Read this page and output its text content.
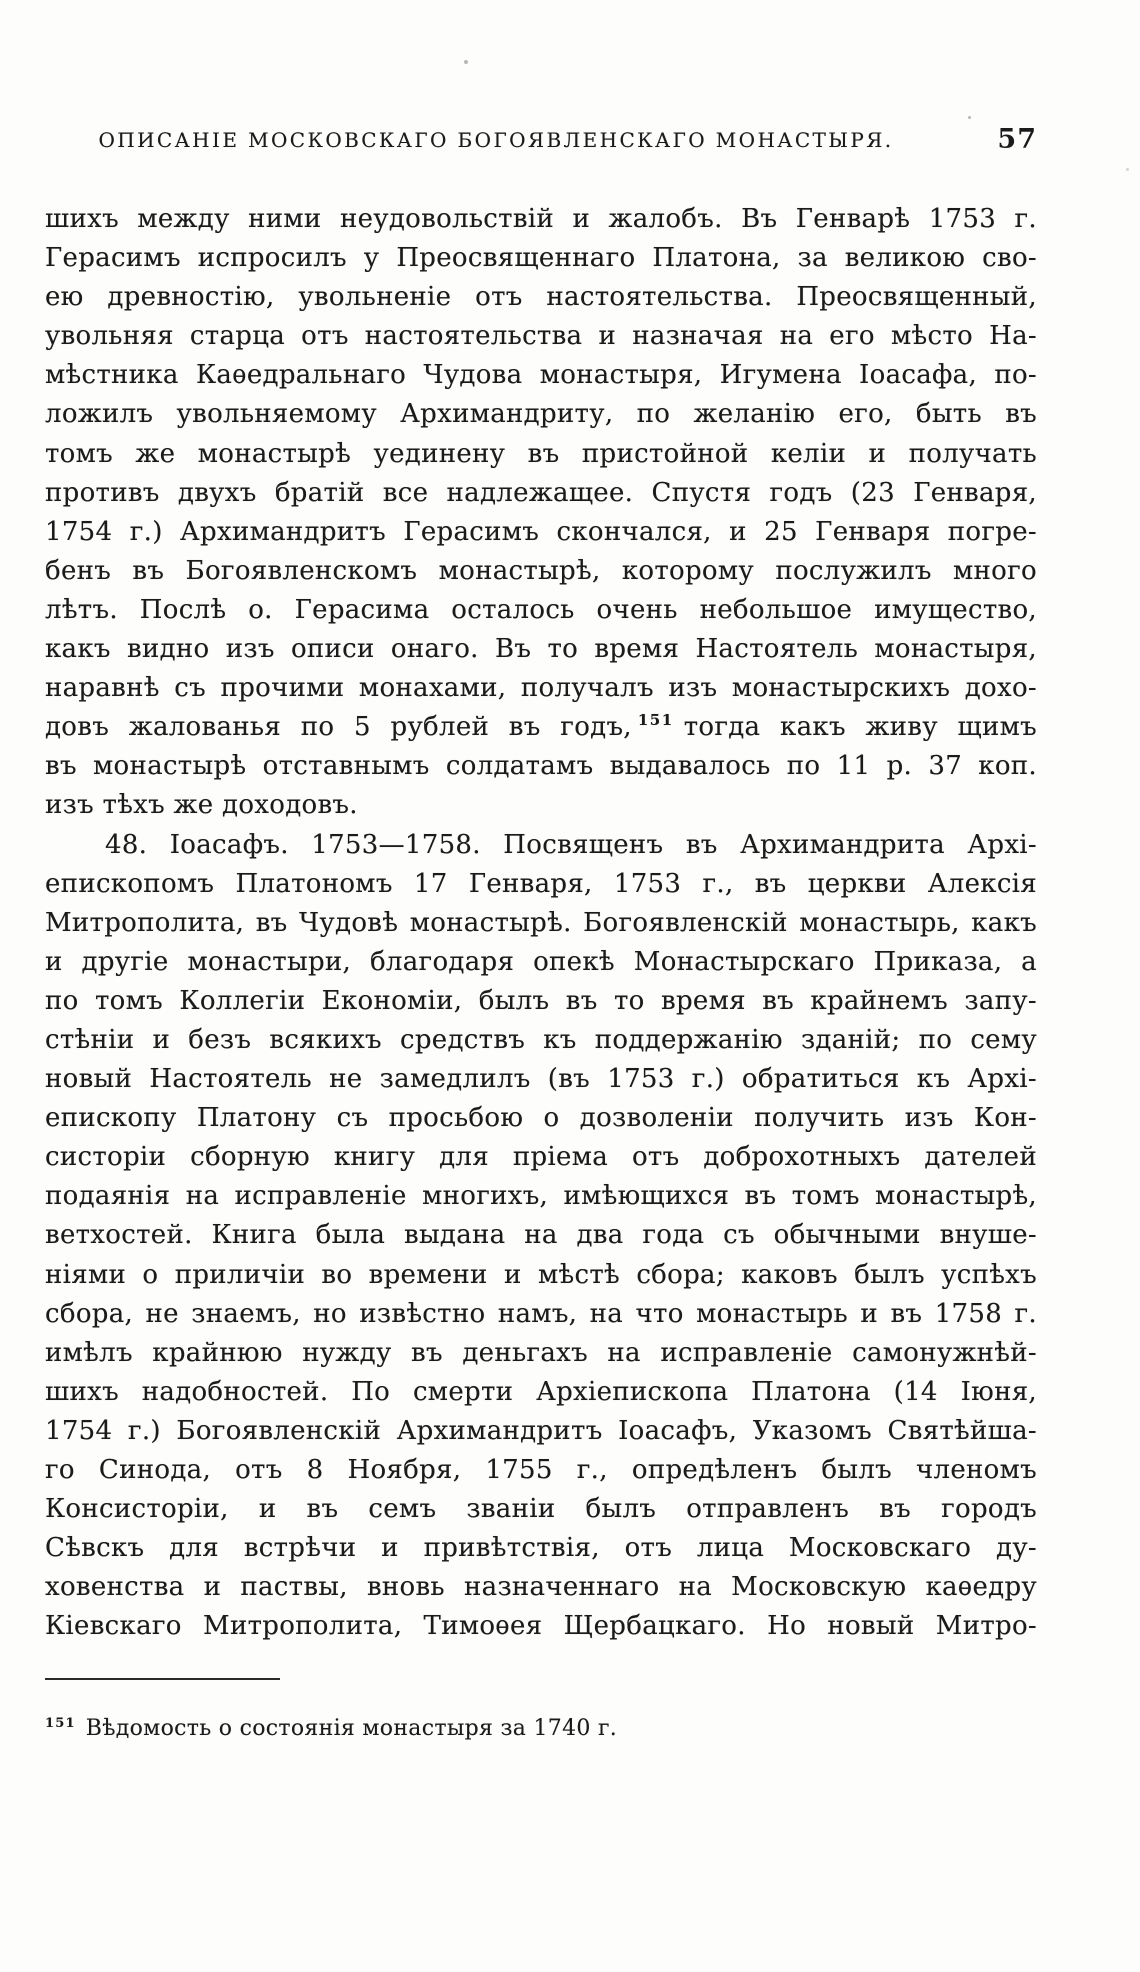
ОПИСАНІЕ МОСКОВСКАГО БОГОЯВЛЕНСКАГО МОНАСТЫРЯ.	57
шихъ между ними неудовольствій и жалобъ. Въ Генварѣ 1753 г.
Герасимъ испросилъ у Преосвященнаго Платона, за великою сво-
ею древностію, увольненіе отъ настоятельства. Преосвященный,
увольняя старца отъ настоятельства и назначая на его мѣсто На-
мѣстника Каѳедральнаго Чудова монастыря, Игумена Іоасафа, по-
ложилъ увольняемому Архимандриту, по желанію его, быть въ
томъ же монастырѣ уединену въ пристойной келіи и получать
противъ двухъ братій все надлежащее. Спустя годъ (23 Генваря,
1754 г.) Архимандритъ Герасимъ скончался, и 25 Генваря погре-
бенъ въ Богоявленскомъ монастырѣ, которому послужилъ много
лѣтъ. Послѣ о. Герасима осталось очень небольшое имущество,
какъ видно изъ описи онаго. Въ то время Настоятель монастыря,
наравнѣ съ прочими монахами, получалъ изъ монастырскихъ дохо-
довъ жалованья по 5 рублей въ годъ, $^{151}$ тогда какъ живу щимъ
въ монастырѣ отставнымъ солдатамъ выдавалось по 11 р. 37 коп.
изъ тѣхъ же доходовъ.
48. Іоасафъ. 1753—1758. Посвященъ въ Архимандрита Архі-
епископомъ Платономъ 17 Генваря, 1753 г., въ церкви Алексія
Митрополита, въ Чудовѣ монастырѣ. Богоявленскій монастырь, какъ
и другіе монастыри, благодаря опекѣ Монастырскаго Приказа, а
по томъ Коллегіи Економіи, былъ въ то время въ крайнемъ запу-
стѣніи и безъ всякихъ средствъ къ поддержанію зданій; по сему
новый Настоятель не замедлилъ (въ 1753 г.) обратиться къ Архі-
епископу Платону съ просьбою о дозволеніи получить изъ Кон-
систоріи сборную книгу для пріема отъ доброхотныхъ дателей
подаянія на исправленіе многихъ, имѣющихся въ томъ монастырѣ,
ветхостей. Книга была выдана на два года съ обычными внуше-
ніями о приличіи во времени и мѣстѣ сбора; каковъ былъ успѣхъ
сбора, не знаемъ, но извѣстно намъ, на что монастырь и въ 1758 г.
имѣлъ крайнюю нужду въ деньгахъ на исправленіе самонужнѣй-
шихъ надобностей. По смерти Архіепископа Платона (14 Іюня,
1754 г.) Богоявленскій Архимандритъ Іоасафъ, Указомъ Святѣйша-
го Синода, отъ 8 Ноября, 1755 г., опредѣленъ былъ членомъ
Консисторіи, и въ семъ званіи былъ отправленъ въ городъ
Сѣвскъ для встрѣчи и привѣтствія, отъ лица Московскаго ду-
ховенства и паствы, вновь назначеннаго на Московскую каѳедру
Кіевскаго Митрополита, Тимоѳея Щербацкаго. Но новый Митро-
$^{151}$ Вѣдомость о состоянія монастыря за 1740 г.
